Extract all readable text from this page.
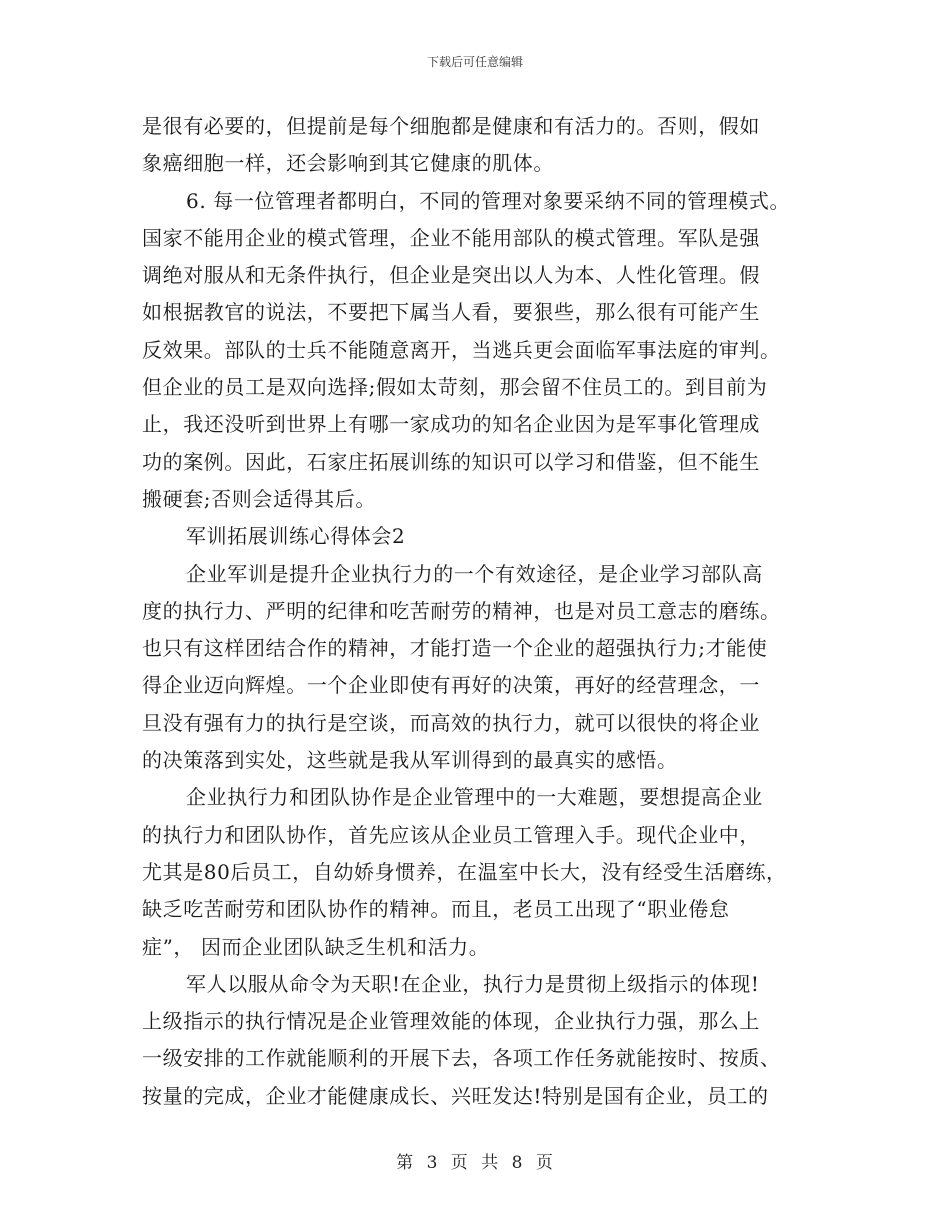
下载后可任意编辑
是很有必要的，但提前是每个细胞都是健康和有活力的。否则，假如
象癌细胞一样，还会影响到其它健康的肌体。
6. 每一位管理者都明白，不同的管理对象要采纳不同的管理模式。
国家不能用企业的模式管理，企业不能用部队的模式管理。军队是强
调绝对服从和无条件执行，但企业是突出以人为本、人性化管理。假
如根据教官的说法，不要把下属当人看，要狠些，那么很有可能产生
反效果。部队的士兵不能随意离开，当逃兵更会面临军事法庭的审判。
但企业的员工是双向选择;假如太苛刻，那会留不住员工的。到目前为
止，我还没听到世界上有哪一家成功的知名企业因为是军事化管理成
功的案例。因此，石家庄拓展训练的知识可以学习和借鉴，但不能生
搬硬套;否则会适得其后。
军训拓展训练心得体会2
企业军训是提升企业执行力的一个有效途径，是企业学习部队高
度的执行力、严明的纪律和吃苦耐劳的精神，也是对员工意志的磨练。
也只有这样团结合作的精神，才能打造一个企业的超强执行力;才能使
得企业迈向辉煌。一个企业即使有再好的决策，再好的经营理念，一
旦没有强有力的执行是空谈，而高效的执行力，就可以很快的将企业
的决策落到实处，这些就是我从军训得到的最真实的感悟。
企业执行力和团队协作是企业管理中的一大难题，要想提高企业
的执行力和团队协作，首先应该从企业员工管理入手。现代企业中，
尤其是80后员工，自幼娇身惯养，在温室中长大，没有经受生活磨练，
缺乏吃苦耐劳和团队协作的精神。而且，老员工出现了“职业倦怠
症”， 因而企业团队缺乏生机和活力。
军人以服从命令为天职!在企业，执行力是贯彻上级指示的体现!
上级指示的执行情况是企业管理效能的体现，企业执行力强，那么上
一级安排的工作就能顺利的开展下去，各项工作任务就能按时、按质、
按量的完成，企业才能健康成长、兴旺发达!特别是国有企业，员工的
第 3 页 共 8 页
